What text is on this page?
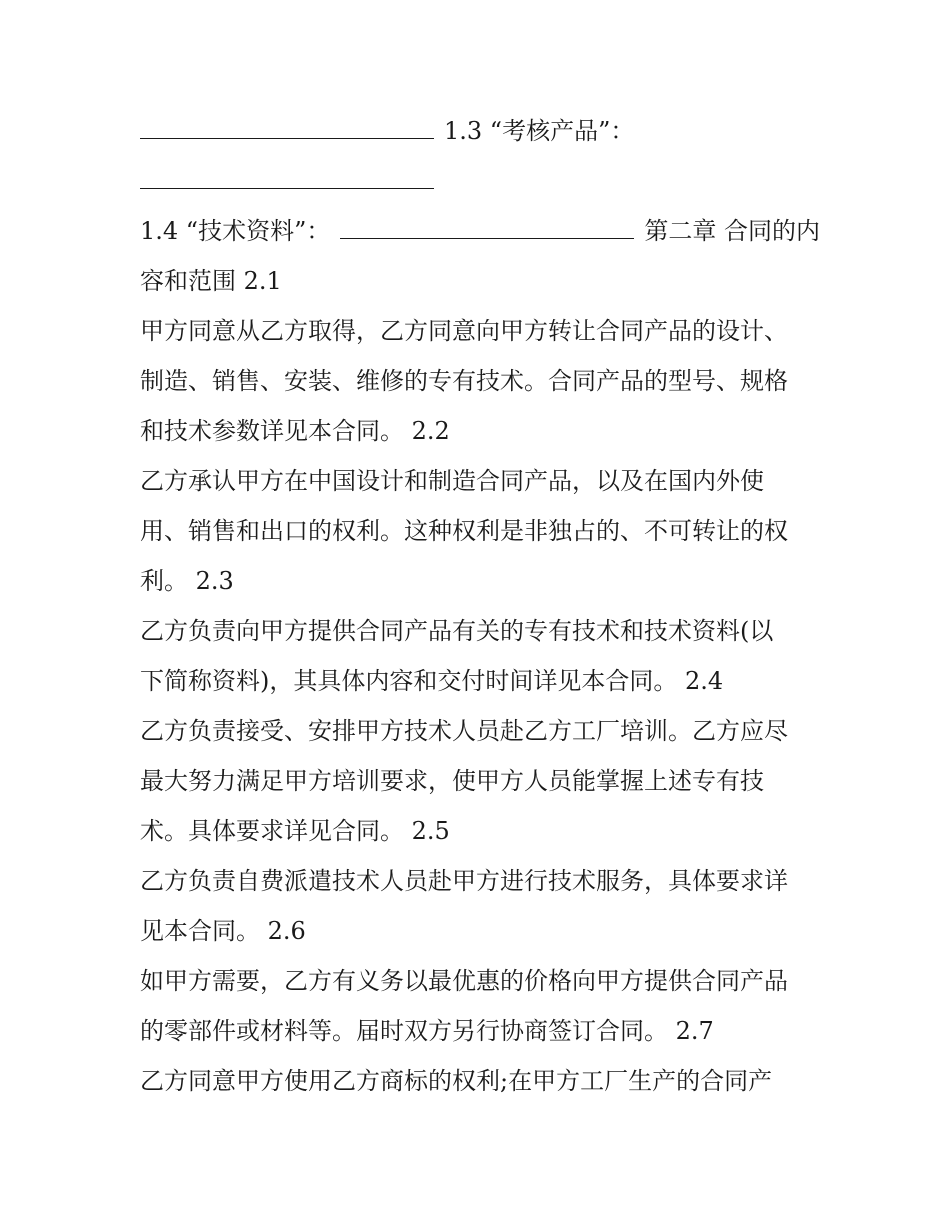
1.3 “考核产品”：
1.4 “技术资料”：	第二章 合同的内
容和范围 2.1
甲方同意从乙方取得，乙方同意向甲方转让合同产品的设计、
制造、销售、安装、维修的专有技术。合同产品的型号、规格
和技术参数详见本合同。 2.2
乙方承认甲方在中国设计和制造合同产品，以及在国内外使
用、销售和出口的权利。这种权利是非独占的、不可转让的权
利。 2.3
乙方负责向甲方提供合同产品有关的专有技术和技术资料(以
下简称资料)，其具体内容和交付时间详见本合同。 2.4
乙方负责接受、安排甲方技术人员赴乙方工厂培训。乙方应尽
最大努力满足甲方培训要求，使甲方人员能掌握上述专有技
术。具体要求详见合同。 2.5
乙方负责自费派遣技术人员赴甲方进行技术服务，具体要求详
见本合同。 2.6
如甲方需要，乙方有义务以最优惠的价格向甲方提供合同产品
的零部件或材料等。届时双方另行协商签订合同。 2.7
乙方同意甲方使用乙方商标的权利;在甲方工厂生产的合同产
